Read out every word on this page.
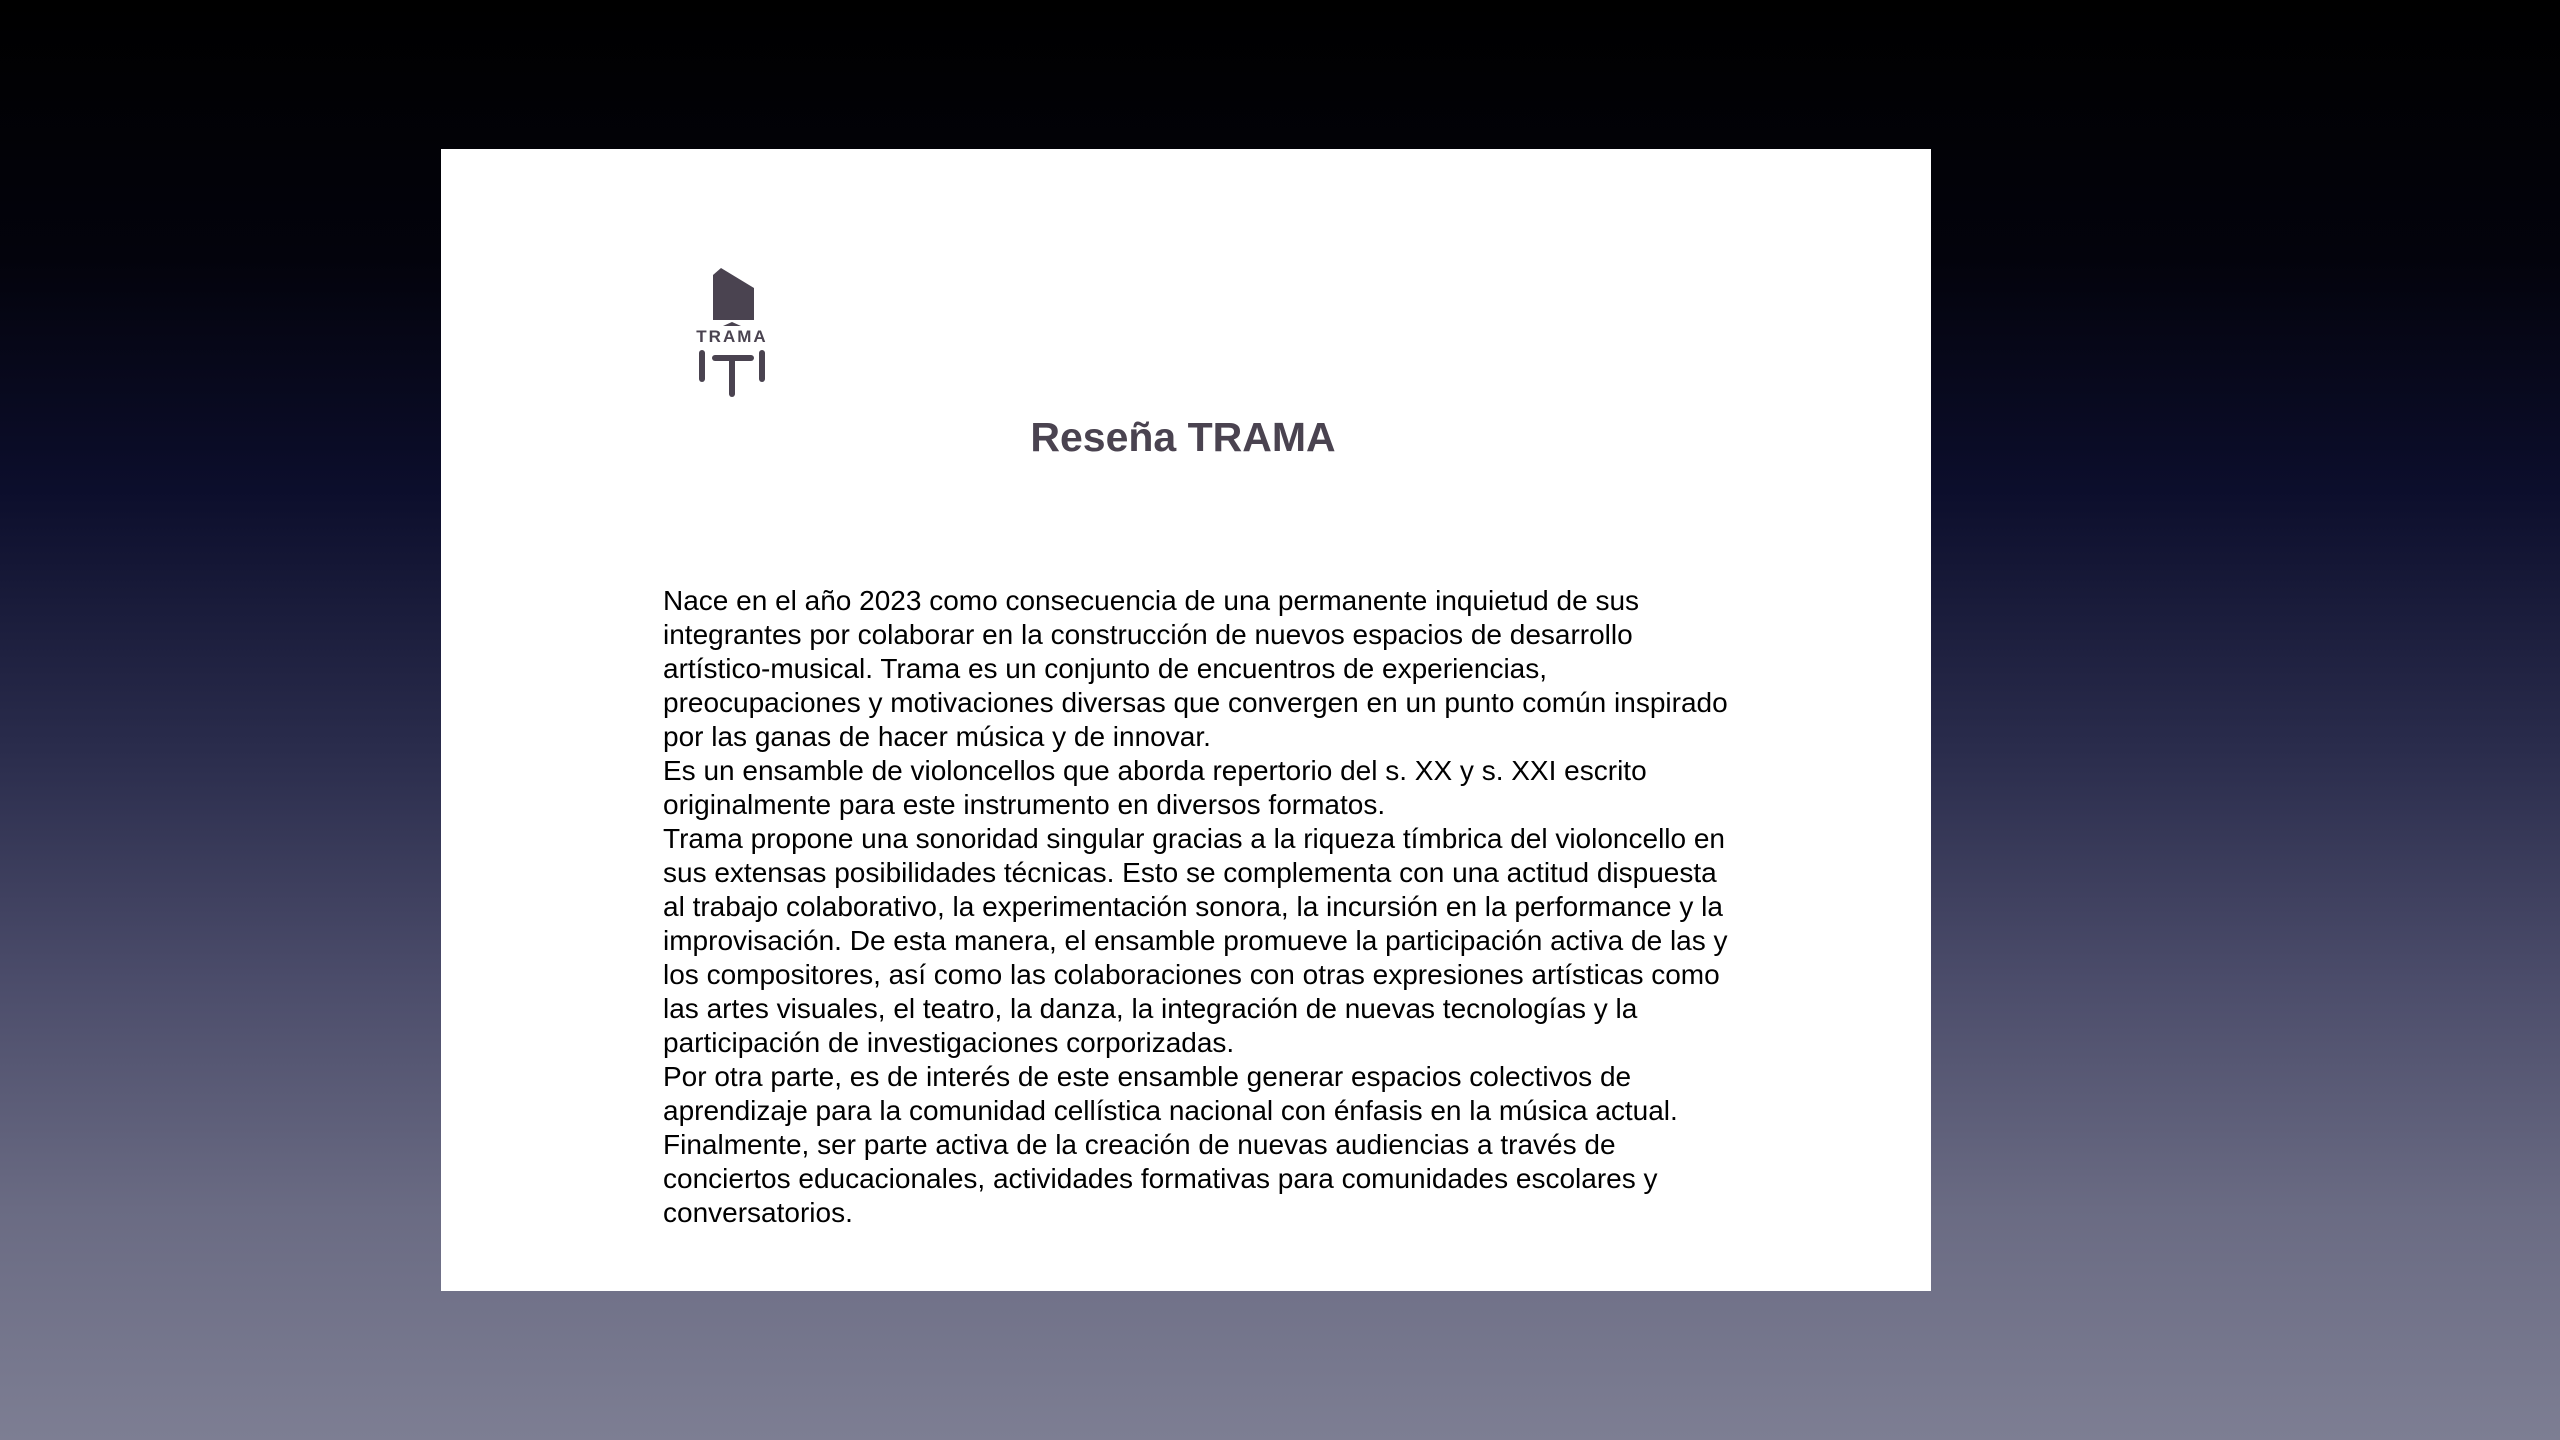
TRAMA
Reseña TRAMA

Nace en el año 2023 como consecuencia de una permanente inquietud de sus integrantes por colaborar en la construcción de nuevos espacios de desarrollo artístico-musical. Trama es un conjunto de encuentros de experiencias, preocupaciones y motivaciones diversas que convergen en un punto común inspirado por las ganas de hacer música y de innovar.

Es un ensamble de violoncellos que aborda repertorio del s. XX y s. XXI escrito originalmente para este instrumento en diversos formatos.

Trama propone una sonoridad singular gracias a la riqueza tímbrica del violoncello en sus extensas posibilidades técnicas. Esto se complementa con una actitud dispuesta al trabajo colaborativo, la experimentación sonora, la incursión en la performance y la improvisación. De esta manera, el ensamble promueve la participación activa de las y los compositores, así como las colaboraciones con otras expresiones artísticas como las artes visuales, el teatro, la danza, la integración de nuevas tecnologías y la participación de investigaciones corporizadas.

Por otra parte, es de interés de este ensamble generar espacios colectivos de aprendizaje para la comunidad cellística nacional con énfasis en la música actual.

Finalmente, ser parte activa de la creación de nuevas audiencias a través de conciertos educacionales, actividades formativas para comunidades escolares y conversatorios.
